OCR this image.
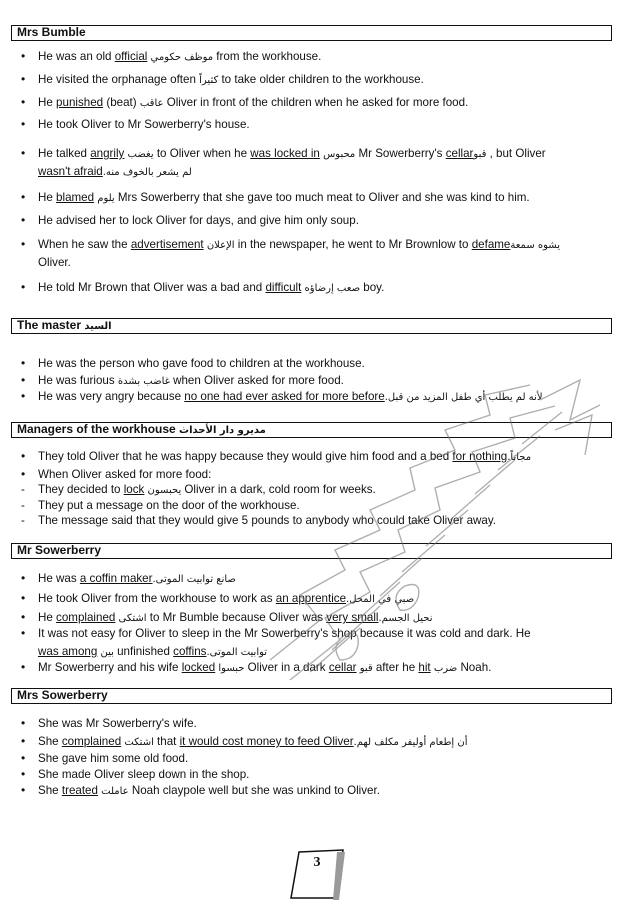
Mrs Bumble
The master السيد
Managers of the workhouse مديرو دار الأحداث
Mr Sowerberry
Mrs Sowerberry
•	He was an old official موظف حكومي from the workhouse.
•	He visited the orphanage often كثيراً to take older children to the workhouse.
•	He punished (beat) عاقب Oliver in front of the children when he asked for more food.
•	He took Oliver to Mr Sowerberry's house.
•	He talked angrily يغضب to Oliver when he was locked in محبوس Mr Sowerberry's cellar قبو, but Oliver
wasn't afraid لم يشعر بالخوف منه.
•	He blamed يلوم Mrs Sowerberry that she gave too much meat to Oliver and she was kind to him.
•	He advised her to lock Oliver for days, and give him only soup.
•	When he saw the advertisement الإعلان in the newspaper, he went to Mr Brownlow to defame يشوه سمعة
Oliver.
•	He told Mr Brown that Oliver was a bad and difficult صعب إرضاؤه boy.
•	He was the person who gave food to children at the workhouse.
•	He was furious غاضب بشدة when Oliver asked for more food.
•	He was very angry because no one had ever asked for more before لأنه لم يطلب أي طفل المزيد من قبل.
•	They told Oliver that he was happy because they would give him food and a bed for nothing مجاناً.
•	When Oliver asked for more food:
-	They decided to lock يحبسون Oliver in a dark, cold room for weeks.
-	They put a message on the door of the workhouse.
-	The message said that they would give 5 pounds to anybody who could take Oliver away.
•	He was a coffin maker صانع توابيت الموتى.
•	He took Oliver from the workhouse to work as an apprentice صبي في المحل.
•	He complained اشتكى to Mr Bumble because Oliver was very small نحيل الجسم.
•	It was not easy for Oliver to sleep in the Mr Sowerberry's shop because it was cold and dark. He
was among بين unfinished coffins توابيت الموتى.
•	Mr Sowerberry and his wife locked حبسوا Oliver in a dark cellar قبو after he hit ضرب Noah.
•	She was Mr Sowerberry's wife.
•	She complained اشتكت that it would cost money to feed Oliver أن إطعام أوليفر مكلف لهم.
•	She gave him some old food.
•	She made Oliver sleep down in the shop.
•	She treated عاملت Noah claypole well but she was unkind to Oliver.
3
